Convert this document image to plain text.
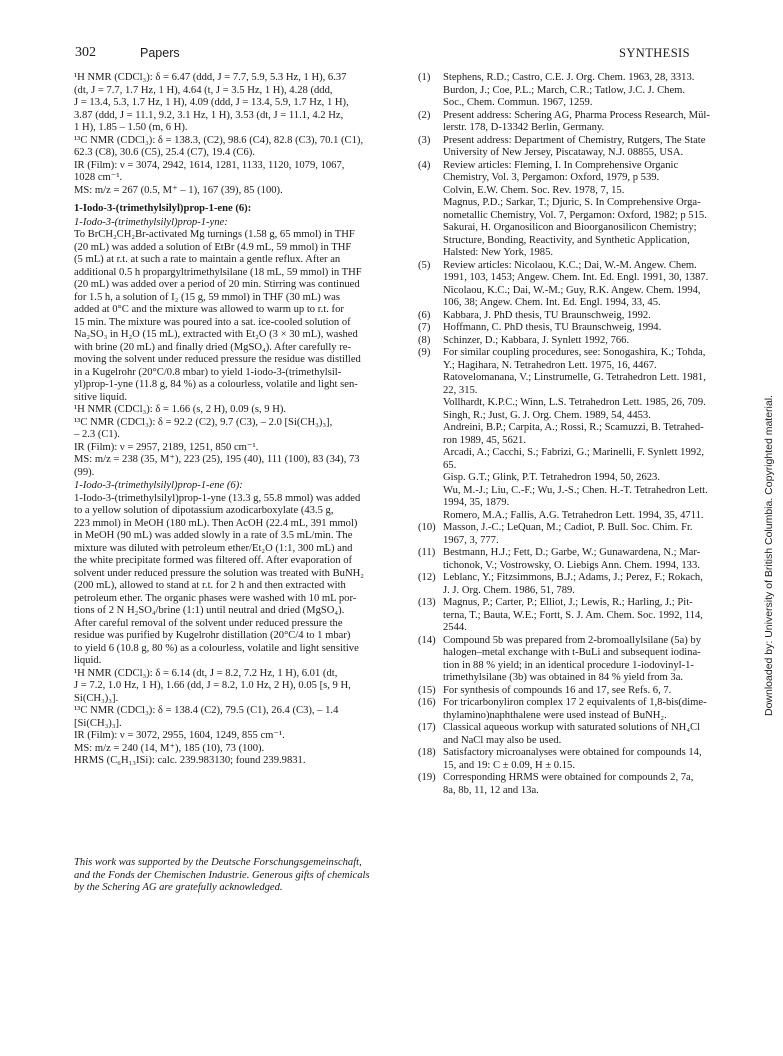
302	Papers	SYNTHESIS

¹H NMR (CDCl₃): δ = 6.47 (ddd, J = 7.7, 5.9, 5.3 Hz, 1 H), 6.37

(dt, J = 7.7, 1.7 Hz, 1 H), 4.64 (t, J = 3.5 Hz, 1 H), 4.28 (ddd,

J = 13.4, 5.3, 1.7 Hz, 1 H), 4.09 (ddd, J = 13.4, 5.9, 1.7 Hz, 1 H),

3.87 (ddd, J = 11.1, 9.2, 3.1 Hz, 1 H), 3.53 (dt, J = 11.1, 4.2 Hz,

1 H), 1.85 – 1.50 (m, 6 H).

¹³C NMR (CDCl₃): δ = 138.3, (C2), 98.6 (C4), 82.8 (C3), 70.1 (C1),

62.3 (C8), 30.6 (C5), 25.4 (C7), 19.4 (C6).

IR (Film): ν = 3074, 2942, 1614, 1281, 1133, 1120, 1079, 1067,

1028 cm⁻¹.

MS: m/z = 267 (0.5, M⁺ – 1), 167 (39), 85 (100).

1-Iodo-3-(trimethylsilyl)prop-1-ene (6):

1-Iodo-3-(trimethylsilyl)prop-1-yne:

To BrCH₂CH₂Br-activated Mg turnings (1.58 g, 65 mmol) in THF

(20 mL) was added a solution of EtBr (4.9 mL, 59 mmol) in THF

(5 mL) at r.t. at such a rate to maintain a gentle reflux. After an

additional 0.5 h propargyltrimethylsilane (18 mL, 59 mmol) in THF

(20 mL) was added over a period of 20 min. Stirring was continued

for 1.5 h, a solution of I₂ (15 g, 59 mmol) in THF (30 mL) was

added at 0°C and the mixture was allowed to warm up to r.t. for

15 min. The mixture was poured into a sat. ice-cooled solution of

Na₂SO₃ in H₂O (15 mL), extracted with Et₂O (3 × 30 mL), washed

with brine (20 mL) and finally dried (MgSO₄). After carefully re-

moving the solvent under reduced pressure the residue was distilled

in a Kugelrohr (20°C/0.8 mbar) to yield 1-iodo-3-(trimethylsil-

yl)prop-1-yne (11.8 g, 84 %) as a colourless, volatile and light sen-

sitive liquid.

¹H NMR (CDCl₃): δ = 1.66 (s, 2 H), 0.09 (s, 9 H).

¹³C NMR (CDCl₃): δ = 92.2 (C2), 9.7 (C3), – 2.0 [Si(CH₃)₃],

– 2.3 (C1).

IR (Film): ν = 2957, 2189, 1251, 850 cm⁻¹.

MS: m/z = 238 (35, M⁺), 223 (25), 195 (40), 111 (100), 83 (34), 73

(99).

1-Iodo-3-(trimethylsilyl)prop-1-ene (6):

1-Iodo-3-(trimethylsilyl)prop-1-yne (13.3 g, 55.8 mmol) was added

to a yellow solution of dipotassium azodicarboxylate (43.5 g,

223 mmol) in MeOH (180 mL). Then AcOH (22.4 mL, 391 mmol)

in MeOH (90 mL) was added slowly in a rate of 3.5 mL/min. The

mixture was diluted with petroleum ether/Et₂O (1:1, 300 mL) and

the white precipitate formed was filtered off. After evaporation of

solvent under reduced pressure the solution was treated with BuNH₂

(200 mL), allowed to stand at r.t. for 2 h and then extracted with

petroleum ether. The organic phases were washed with 10 mL por-

tions of 2 N H₂SO₄/brine (1:1) until neutral and dried (MgSO₄).

After careful removal of the solvent under reduced pressure the

residue was purified by Kugelrohr distillation (20°C/4 to 1 mbar)

to yield 6 (10.8 g, 80 %) as a colourless, volatile and light sensitive

liquid.

¹H NMR (CDCl₃): δ = 6.14 (dt, J = 8.2, 7.2 Hz, 1 H), 6.01 (dt,

J = 7.2, 1.0 Hz, 1 H), 1.66 (dd, J = 8.2, 1.0 Hz, 2 H), 0.05 [s, 9 H,

Si(CH₃)₃].

¹³C NMR (CDCl₃): δ = 138.4 (C2), 79.5 (C1), 26.4 (C3), – 1.4

[Si(CH₃)₃].

IR (Film): ν = 3072, 2955, 1604, 1249, 855 cm⁻¹.

MS: m/z = 240 (14, M⁺), 185 (10), 73 (100).

HRMS (C₆H₁₃ISi): calc. 239.983130; found 239.9831.

This work was supported by the Deutsche Forschungsgemeinschaft,
and the Fonds der Chemischen Industrie. Generous gifts of chemicals
by the Schering AG are gratefully acknowledged.
(1)	Stephens, R.D.; Castro, C.E. J. Org. Chem. 1963, 28, 3313.
Burdon, J.; Coe, P.L.; March, C.R.; Tatlow, J.C. J. Chem.
Soc., Chem. Commun. 1967, 1259.
(2)	Present address: Schering AG, Pharma Process Research, Mül-
lerstr. 178, D-13342 Berlin, Germany.
(3)	Present address: Department of Chemistry, Rutgers, The State
University of New Jersey, Piscataway, N.J. 08855, USA.
(4)	Review articles: Fleming, I. In Comprehensive Organic
Chemistry, Vol. 3, Pergamon: Oxford, 1979, p 539.
Colvin, E.W. Chem. Soc. Rev. 1978, 7, 15.
Magnus, P.D.; Sarkar, T.; Djuric, S. In Comprehensive Orga-
nometallic Chemistry, Vol. 7, Pergamon: Oxford, 1982; p 515.
Sakurai, H. Organosilicon and Bioorganosilicon Chemistry;
Structure, Bonding, Reactivity, and Synthetic Application,
Halsted: New York, 1985.
(5)	Review articles: Nicolaou, K.C.; Dai, W.-M. Angew. Chem.
1991, 103, 1453; Angew. Chem. Int. Ed. Engl. 1991, 30, 1387.
Nicolaou, K.C.; Dai, W.-M.; Guy, R.K. Angew. Chem. 1994,
106, 38; Angew. Chem. Int. Ed. Engl. 1994, 33, 45.
(6)	Kabbara, J. PhD thesis, TU Braunschweig, 1992.
(7)	Hoffmann, C. PhD thesis, TU Braunschweig, 1994.
(8)	Schinzer, D.; Kabbara, J. Synlett 1992, 766.
(9)	For similar coupling procedures, see: Sonogashira, K.; Tohda,
Y.; Hagihara, N. Tetrahedron Lett. 1975, 16, 4467.
Ratovelomanana, V.; Linstrumelle, G. Tetrahedron Lett. 1981,
22, 315.
Vollhardt, K.P.C.; Winn, L.S. Tetrahedron Lett. 1985, 26, 709.
Singh, R.; Just, G. J. Org. Chem. 1989, 54, 4453.
Andreini, B.P.; Carpita, A.; Rossi, R.; Scamuzzi, B. Tetrahed-
ron 1989, 45, 5621.
Arcadi, A.; Cacchi, S.; Fabrizi, G.; Marinelli, F. Synlett 1992,
65.
Gisp. G.T.; Glink, P.T. Tetrahedron 1994, 50, 2623.
Wu, M.-J.; Liu, C.-F.; Wu, J.-S.; Chen. H.-T. Tetrahedron Lett.
1994, 35, 1879.
Romero, M.A.; Fallis, A.G. Tetrahedron Lett. 1994, 35, 4711.
(10) Masson, J.-C.; LeQuan, M.; Cadiot, P. Bull. Soc. Chim. Fr.
1967, 3, 777.
(11) Bestmann, H.J.; Fett, D.; Garbe, W.; Gunawardena, N.; Mar-
tichonok, V.; Vostrowsky, O. Liebigs Ann. Chem. 1994, 133.
(12) Leblanc, Y.; Fitzsimmons, B.J.; Adams, J.; Perez, F.; Rokach,
J. J. Org. Chem. 1986, 51, 789.
(13) Magnus, P.; Carter, P.; Elliot, J.; Lewis, R.; Harling, J.; Pit-
terna, T.; Bauta, W.E.; Fortt, S. J. Am. Chem. Soc. 1992, 114,
2544.
(14) Compound 5b was prepared from 2-bromoallylsilane (5a) by
halogen–metal exchange with t-BuLi and subsequent iodina-
tion in 88 % yield; in an identical procedure 1-iodovinyl-1-
trimethylsilane (3b) was obtained in 84 % yield from 3a.
(15) For synthesis of compounds 16 and 17, see Refs. 6, 7.
(16) For tricarbonyliron complex 17 2 equivalents of 1,8-bis(dime-
thylamino)naphthalene were used instead of BuNH₂.
(17) Classical aqueous workup with saturated solutions of NH₄Cl
and NaCl may also be used.
(18) Satisfactory microanalyses were obtained for compounds 14,
15, and 19: C ± 0.09, H ± 0.15.
(19) Corresponding HRMS were obtained for compounds 2, 7a,
8a, 8b, 11, 12 and 13a.
Downloaded by: University of British Columbia. Copyrighted material.
